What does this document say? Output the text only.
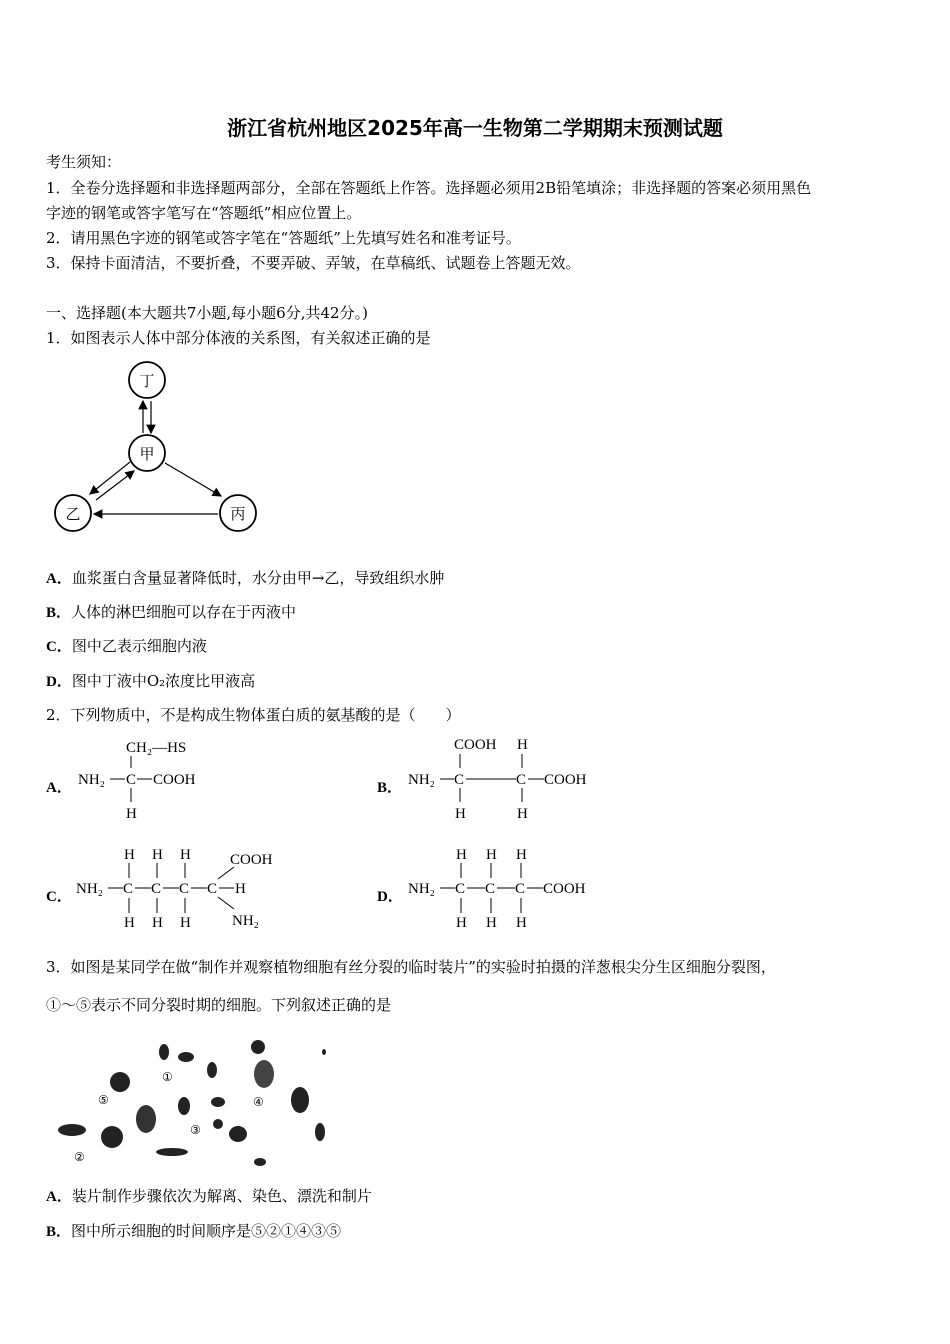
浙江省杭州地区2025年高一生物第二学期期末预测试题
考生须知：
1．全卷分选择题和非选择题两部分，全部在答题纸上作答。选择题必须用2B铅笔填涂；非选择题的答案必须用黑色
字迹的钢笔或答字笔写在“答题纸”相应位置上。
2．请用黑色字迹的钢笔或答字笔在“答题纸”上先填写姓名和准考证号。
3．保持卡面清洁，不要折叠，不要弄破、弄皱，在草稿纸、试题卷上答题无效。
一、选择题(本大题共7小题,每小题6分,共42分。)
1．如图表示人体中部分体液的关系图，有关叙述正确的是
丁
甲
乙	丙
A．血浆蛋白含量显著降低时，水分由甲→乙，导致组织水肿
B．人体的淋巴细胞可以存在于丙液中
C．图中乙表示细胞内液
D．图中丁液中O₂浓度比甲液高
2．下列物质中，不是构成生物体蛋白质的氨基酸的是（　　）
A．
CH₂—HS
NH₂ C COOH
H
B．
COOH H
NH₂ C	C COOH
H	H
C．
H H H	COOH
NH₂ C C C C H
H H H	NH₂
D．
H H H
NH₂ C C C COOH
H H H
3．如图是某同学在做“制作并观察植物细胞有丝分裂的临时装片”的实验时拍摄的洋葱根尖分生区细胞分裂图，
①～⑤表示不同分裂时期的细胞。下列叙述正确的是
①
②
③
④
⑤
A．装片制作步骤依次为解离、染色、漂洗和制片
B．图中所示细胞的时间顺序是⑤②①④③⑤
